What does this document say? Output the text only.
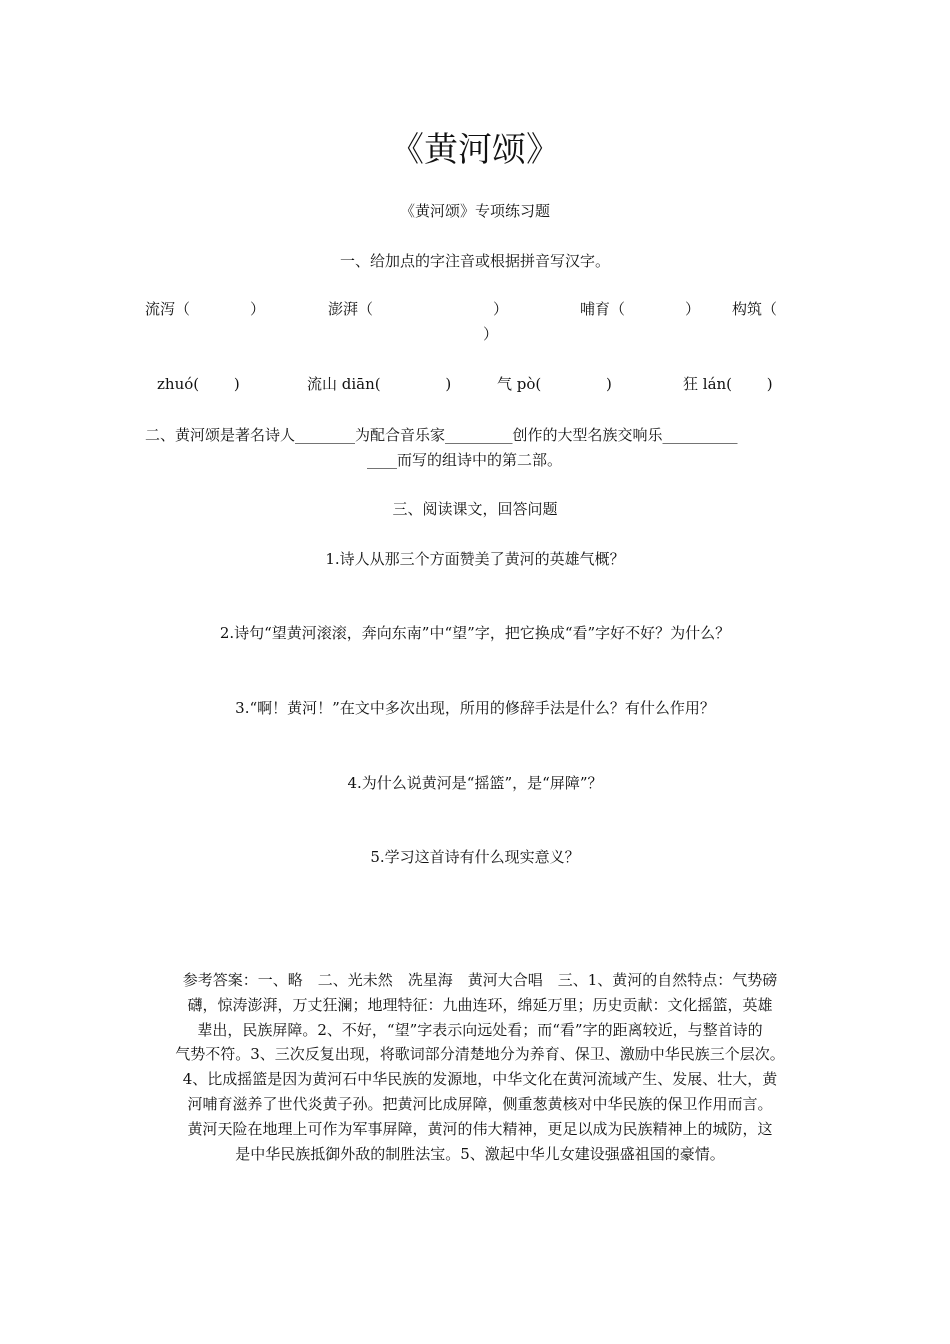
《黄河颂》
《黄河颂》专项练习题
一、给加点的字注音或根据拼音写汉字。
流泻（　　　　）	澎湃（　　　　　　　　）	哺育（　　　　） 构筑（
）
zhuó(　　 )	流山 diān(　　　　 )	气 pò(　　　　 )	狂 lán(　　 )
二、黄河颂是著名诗人________为配合音乐家_________创作的大型名族交响乐__________
____而写的组诗中的第二部。
三、阅读课文，回答问题
1.诗人从那三个方面赞美了黄河的英雄气概？
2.诗句“望黄河滚滚，奔向东南”中“望”字，把它换成“看”字好不好？为什么？
3.“啊！黄河！”在文中多次出现，所用的修辞手法是什么？有什么作用？
4.为什么说黄河是“摇篮”，是“屏障”？
5.学习这首诗有什么现实意义？
参考答案：一、略　二、光未然　冼星海　黄河大合唱　三、1、黄河的自然特点：气势磅
礴，惊涛澎湃，万丈狂澜；地理特征：九曲连环，绵延万里；历史贡献：文化摇篮，英雄
辈出，民族屏障。2、不好，“望”字表示向远处看；而“看”字的距离较近，与整首诗的
气势不符。3、三次反复出现，将歌词部分清楚地分为养育、保卫、激励中华民族三个层次。
4、比成摇篮是因为黄河石中华民族的发源地，中华文化在黄河流域产生、发展、壮大，黄
河哺育滋养了世代炎黄子孙。把黄河比成屏障，侧重葱黄核对中华民族的保卫作用而言。
黄河天险在地理上可作为军事屏障，黄河的伟大精神，更足以成为民族精神上的城防，这
是中华民族抵御外敌的制胜法宝。5、激起中华儿女建设强盛祖国的豪情。
